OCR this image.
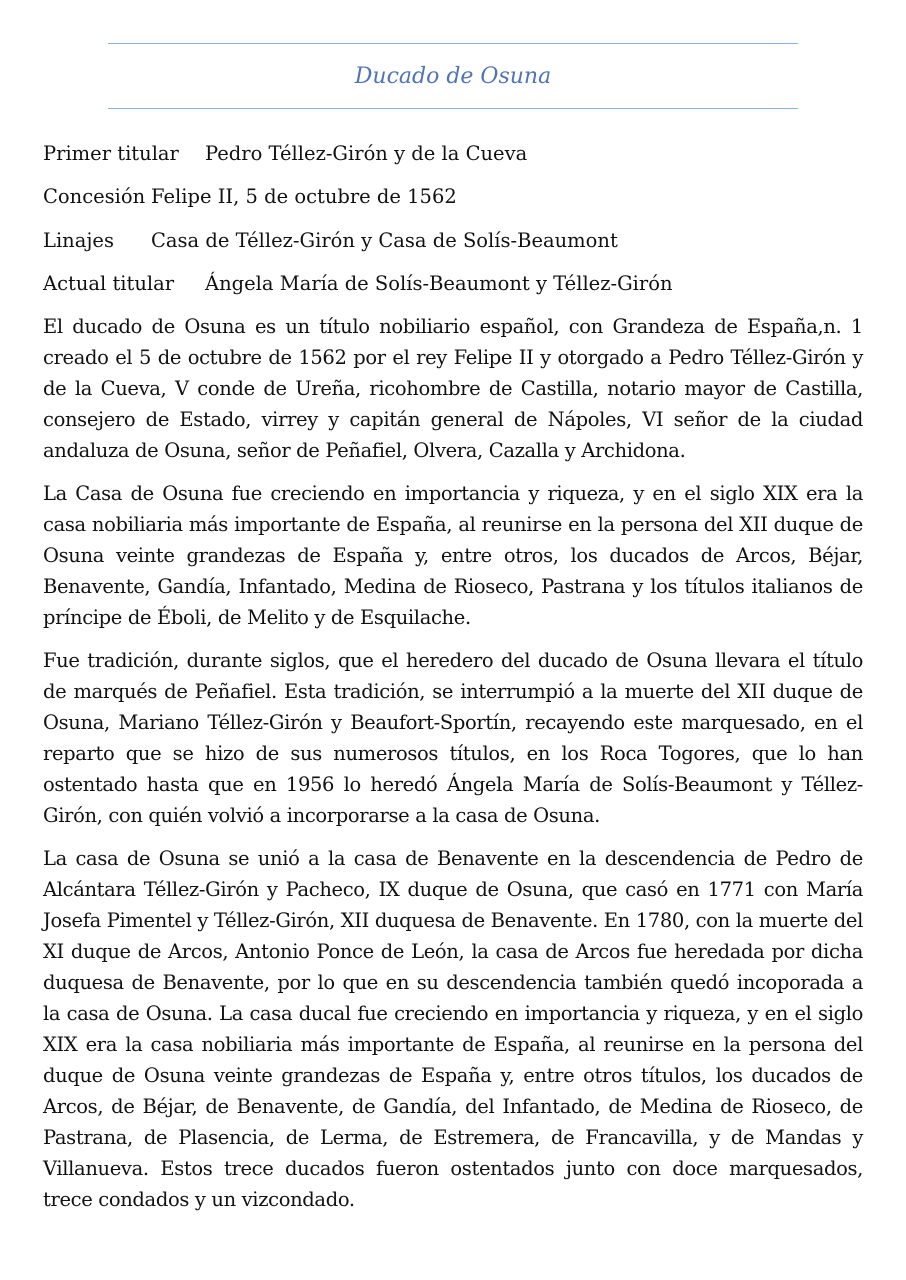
Ducado de Osuna
Primer titular Pedro Téllez-Girón y de la Cueva
Concesión Felipe II, 5 de octubre de 1562
Linajes Casa de Téllez-Girón y Casa de Solís-Beaumont
Actual titular Ángela María de Solís-Beaumont y Téllez-Girón

El ducado de Osuna es un título nobiliario español, con Grandeza de España,n. 1 creado el 5 de octubre de 1562 por el rey Felipe II y otorgado a Pedro Téllez-Girón y de la Cueva, V conde de Ureña, ricohombre de Castilla, notario mayor de Castilla, consejero de Estado, virrey y capitán general de Nápoles, VI señor de la ciudad andaluza de Osuna, señor de Peñafiel, Olvera, Cazalla y Archidona.

La Casa de Osuna fue creciendo en importancia y riqueza, y en el siglo XIX era la casa nobiliaria más importante de España, al reunirse en la persona del XII duque de Osuna veinte grandezas de España y, entre otros, los ducados de Arcos, Béjar, Benavente, Gandía, Infantado, Medina de Rioseco, Pastrana y los títulos italianos de príncipe de Éboli, de Melito y de Esquilache.

Fue tradición, durante siglos, que el heredero del ducado de Osuna llevara el título de marqués de Peñafiel. Esta tradición, se interrumpió a la muerte del XII duque de Osuna, Mariano Téllez-Girón y Beaufort-Sportín, recayendo este marquesado, en el reparto que se hizo de sus numerosos títulos, en los Roca Togores, que lo han ostentado hasta que en 1956 lo heredó Ángela María de Solís-Beaumont y Téllez-Girón, con quién volvió a incorporarse a la casa de Osuna.

La casa de Osuna se unió a la casa de Benavente en la descendencia de Pedro de Alcántara Téllez-Girón y Pacheco, IX duque de Osuna, que casó en 1771 con María Josefa Pimentel y Téllez-Girón, XII duquesa de Benavente. En 1780, con la muerte del XI duque de Arcos, Antonio Ponce de León, la casa de Arcos fue heredada por dicha duquesa de Benavente, por lo que en su descendencia también quedó incoporada a la casa de Osuna. La casa ducal fue creciendo en importancia y riqueza, y en el siglo XIX era la casa nobiliaria más importante de España, al reunirse en la persona del duque de Osuna veinte grandezas de España y, entre otros títulos, los ducados de Arcos, de Béjar, de Benavente, de Gandía, del Infantado, de Medina de Rioseco, de Pastrana, de Plasencia, de Lerma, de Estremera, de Francavilla, y de Mandas y Villanueva. Estos trece ducados fueron ostentados junto con doce marquesados, trece condados y un vizcondado.
